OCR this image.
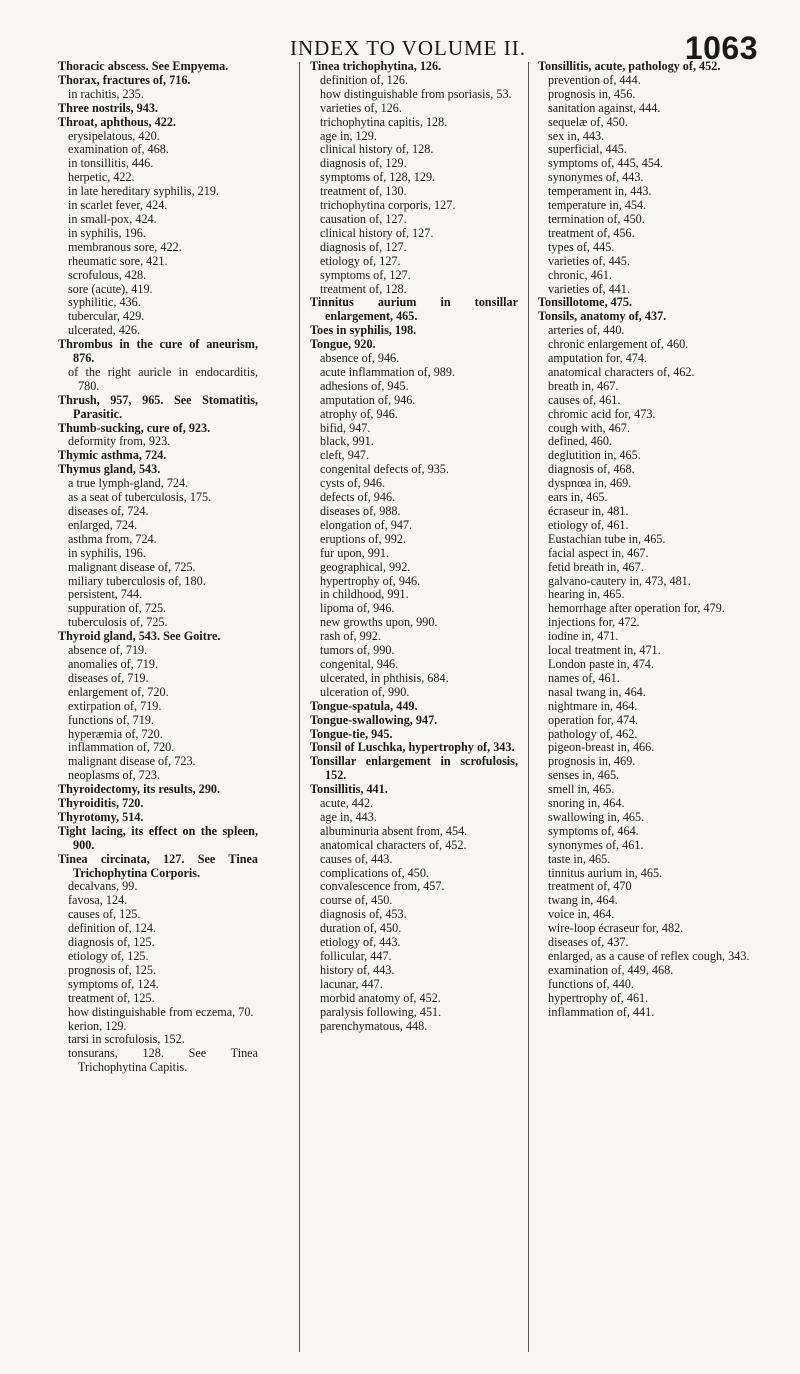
INDEX TO VOLUME II.	1063
Thoracic abscess. See Empyema.
Thorax, fractures of, 716.
in rachitis, 235.
Three nostrils, 943.
Throat, aphthous, 422.
erysipelatous, 420.
examination of, 468.
in tonsillitis, 446.
herpetic, 422.
in late hereditary syphilis, 219.
in scarlet fever, 424.
in small-pox, 424.
in syphilis, 196.
membranous sore, 422.
rheumatic sore, 421.
scrofulous, 428.
sore (acute), 419.
syphilitic, 436.
tubercular, 429.
ulcerated, 426.
Thrombus in the cure of aneurism, 876.
of the right auricle in endocarditis, 780.
Thrush, 957, 965. See Stomatitis, Parasitic.
Thumb-sucking, cure of, 923.
deformity from, 923.
Thymic asthma, 724.
Thymus gland, 543.
a true lymph-gland, 724.
as a seat of tuberculosis, 175.
diseases of, 724.
enlarged, 724.
asthma from, 724.
in syphilis, 196.
malignant disease of, 725.
miliary tuberculosis of, 180.
persistent, 744.
suppuration of, 725.
tuberculosis of, 725.
Thyroid gland, 543. See Goitre.
absence of, 719.
anomalies of, 719.
diseases of, 719.
enlargement of, 720.
extirpation of, 719.
functions of, 719.
hyperæmia of, 720.
inflammation of, 720.
malignant disease of, 723.
neoplasms of, 723.
Thyroidectomy, its results, 290.
Thyroiditis, 720.
Thyrotomy, 514.
Tight lacing, its effect on the spleen, 900.
Tinea circinata, 127. See Tinea Trichophytina Corporis.
decalvans, 99.
favosa, 124.
causes of, 125.
definition of, 124.
diagnosis of, 125.
etiology of, 125.
prognosis of, 125.
symptoms of, 124.
treatment of, 125.
how distinguishable from eczema, 70.
kerion, 129.
tarsi in scrofulosis, 152.
tonsurans, 128. See Tinea Trichophytina Capitis.
Tinea trichophytina, 126.
definition of, 126.
how distinguishable from psoriasis, 53.
varieties of, 126.
trichophytina capitis, 128.
age in, 129.
clinical history of, 128.
diagnosis of, 129.
symptoms of, 128, 129.
treatment of, 130.
trichophytina corporis, 127.
causation of, 127.
clinical history of, 127.
diagnosis of, 127.
etiology of, 127.
symptoms of, 127.
treatment of, 128.
Tinnitus aurium in tonsillar enlargement, 465.
Toes in syphilis, 198.
Tongue, 920.
absence of, 946.
acute inflammation of, 989.
adhesions of, 945.
amputation of, 946.
atrophy of, 946.
bifid, 947.
black, 991.
cleft, 947.
congenital defects of, 935.
cysts of, 946.
defects of, 946.
diseases of, 988.
elongation of, 947.
eruptions of, 992.
fur upon, 991.
geographical, 992.
hypertrophy of, 946.
in childhood, 991.
lipoma of, 946.
new growths upon, 990.
rash of, 992.
tumors of, 990.
congenital, 946.
ulcerated, in phthisis, 684.
ulceration of, 990.
Tongue-spatula, 449.
Tongue-swallowing, 947.
Tongue-tie, 945.
Tonsil of Luschka, hypertrophy of, 343.
Tonsillar enlargement in scrofulosis, 152.
Tonsillitis, 441.
acute, 442.
age in, 443.
albuminuria absent from, 454.
anatomical characters of, 452.
causes of, 443.
complications of, 450.
convalescence from, 457.
course of, 450.
diagnosis of, 453.
duration of, 450.
etiology of, 443.
follicular, 447.
history of, 443.
lacunar, 447.
morbid anatomy of, 452.
paralysis following, 451.
parenchymatous, 448.
Tonsillitis, acute, pathology of, 452.
prevention of, 444.
prognosis in, 456.
sanitation against, 444.
sequelæ of, 450.
sex in, 443.
superficial, 445.
symptoms of, 445, 454.
synonymes of, 443.
temperament in, 443.
temperature in, 454.
termination of, 450.
treatment of, 456.
types of, 445.
varieties of, 445.
chronic, 461.
varieties of, 441.
Tonsillotome, 475.
Tonsils, anatomy of, 437.
arteries of, 440.
chronic enlargement of, 460.
amputation for, 474.
anatomical characters of, 462.
breath in, 467.
causes of, 461.
chromic acid for, 473.
cough with, 467.
defined, 460.
deglutition in, 465.
diagnosis of, 468.
dyspnœa in, 469.
ears in, 465.
écraseur in, 481.
etiology of, 461.
Eustachian tube in, 465.
facial aspect in, 467.
fetid breath in, 467.
galvano-cautery in, 473, 481.
hearing in, 465.
hemorrhage after operation for, 479.
injections for, 472.
iodine in, 471.
local treatment in, 471.
London paste in, 474.
names of, 461.
nasal twang in, 464.
nightmare in, 464.
operation for, 474.
pathology of, 462.
pigeon-breast in, 466.
prognosis in, 469.
senses in, 465.
smell in, 465.
snoring in, 464.
swallowing in, 465.
symptoms of, 464.
synonymes of, 461.
taste in, 465.
tinnitus aurium in, 465.
treatment of, 470
twang in, 464.
voice in, 464.
wire-loop écraseur for, 482.
diseases of, 437.
enlarged, as a cause of reflex cough, 343.
examination of, 449, 468.
functions of, 440.
hypertrophy of, 461.
inflammation of, 441.
